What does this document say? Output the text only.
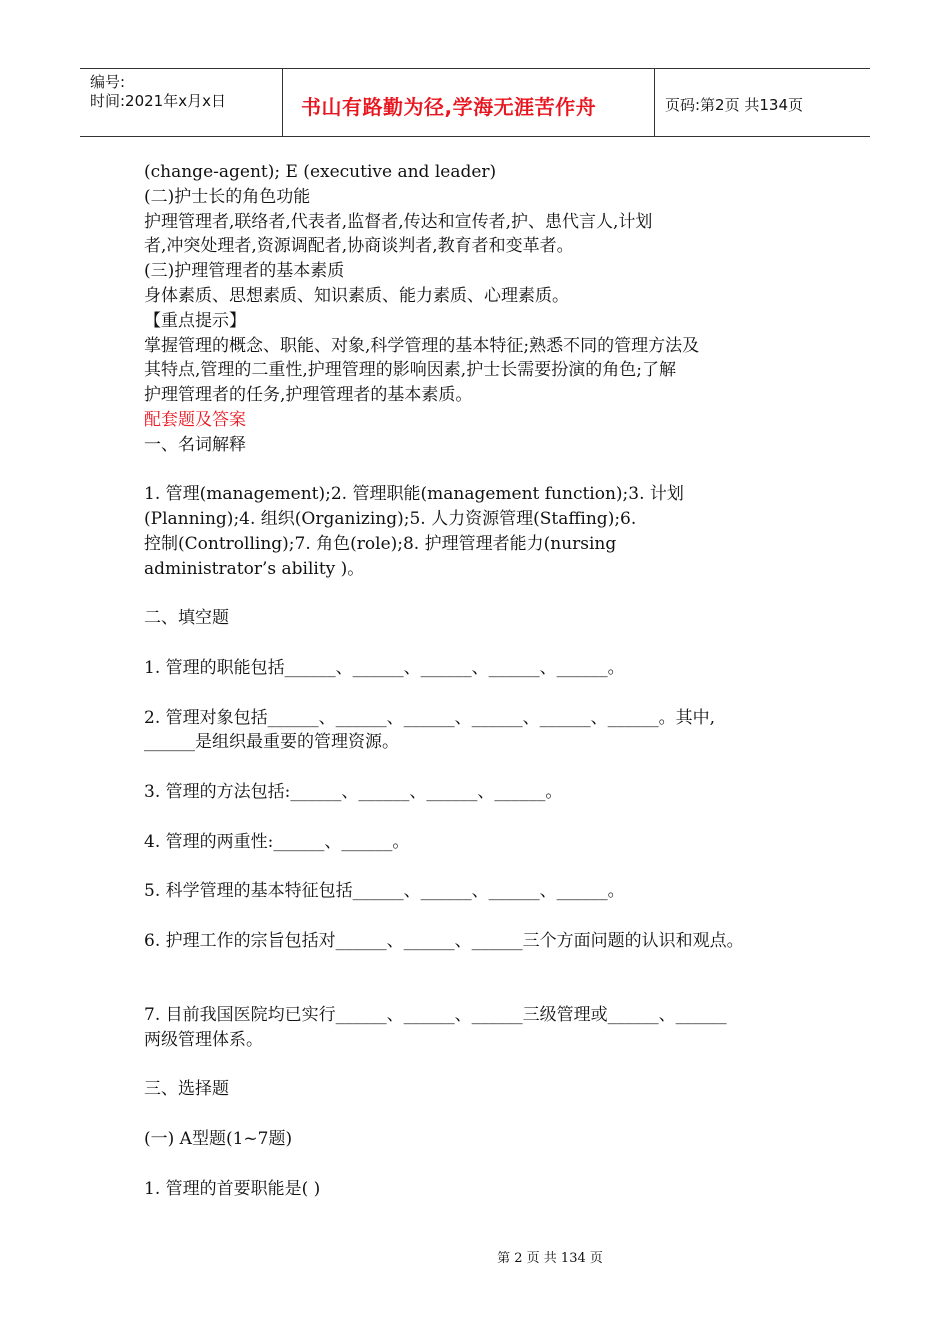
编号:
时间:2021年x月x日	书山有路勤为径,学海无涯苦作舟	页码:第2页 共134页

(change-agent); E (executive and leader)

(二)护士长的角色功能

护理管理者,联络者,代表者,监督者,传达和宣传者,护、患代言人,计划

者,冲突处理者,资源调配者,协商谈判者,教育者和变革者。

(三)护理管理者的基本素质

身体素质、思想素质、知识素质、能力素质、心理素质。

【重点提示】

掌握管理的概念、职能、对象,科学管理的基本特征;熟悉不同的管理方法及

其特点,管理的二重性,护理管理的影响因素,护士长需要扮演的角色;了解

护理管理者的任务,护理管理者的基本素质。

配套题及答案

一、名词解释

1. 管理(management);2. 管理职能(management function);3. 计划

(Planning);4. 组织(Organizing);5. 人力资源管理(Staffing);6.

控制(Controlling);7. 角色(role);8. 护理管理者能力(nursing

administrator’s ability )。

二、填空题

1. 管理的职能包括______、______、______、______、______。

2. 管理对象包括______、______、______、______、______、______。其中,

______是组织最重要的管理资源。

3. 管理的方法包括:______、______、______、______。

4. 管理的两重性:______、______。

5. 科学管理的基本特征包括______、______、______、______。

6. 护理工作的宗旨包括对______、______、______三个方面问题的认识和观点。

7. 目前我国医院均已实行______、______、______三级管理或______、______

两级管理体系。

三、选择题

(一) A型题(1~7题)

1. 管理的首要职能是( )

第 2 页 共 134 页
